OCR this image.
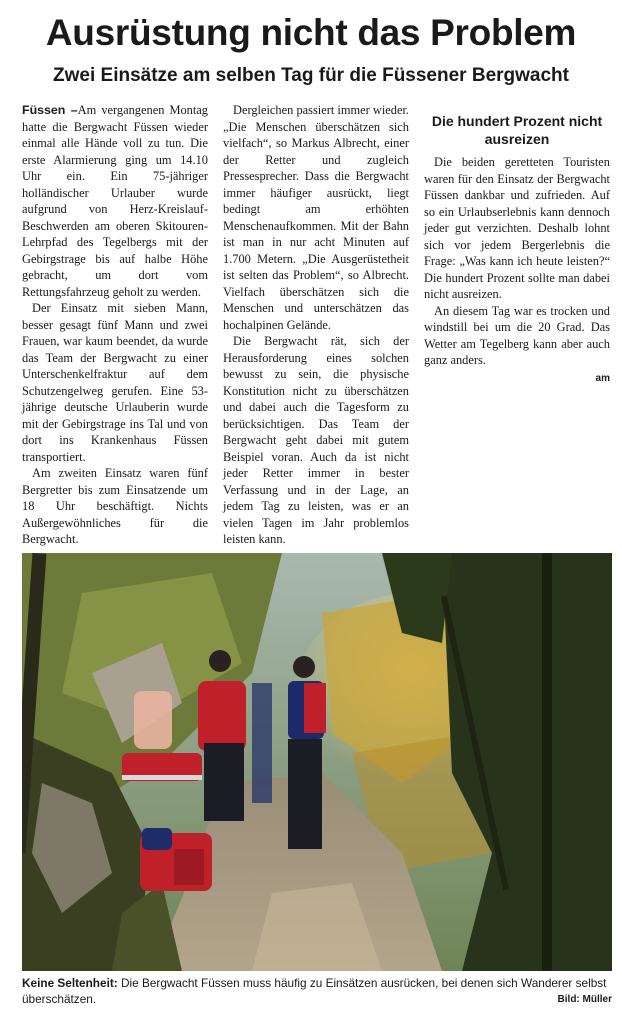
Ausrüstung nicht das Problem
Zwei Einsätze am selben Tag für die Füssener Bergwacht

Füssen –Am vergangenen Montag hatte die Bergwacht Füssen wieder einmal alle Hände voll zu tun. Die erste Alarmierung ging um 14.10 Uhr ein. Ein 75-jähriger holländischer Urlauber wurde aufgrund von Herz-Kreislauf-Beschwerden am oberen Skitouren-Lehrpfad des Tegelbergs mit der Gebirgstrage bis auf halbe Höhe gebracht, um dort vom Rettungsfahrzeug geholt zu werden.

Der Einsatz mit sieben Mann, besser gesagt fünf Mann und zwei Frauen, war kaum beendet, da wurde das Team der Bergwacht zu einer Unterschenkelfraktur auf dem Schutzengelweg gerufen. Eine 53-jährige deutsche Urlauberin wurde mit der Gebirgstrage ins Tal und von dort ins Krankenhaus Füssen transportiert.

Am zweiten Einsatz waren fünf Bergretter bis zum Einsatzende um 18 Uhr beschäftigt. Nichts Außergewöhnliches für die Bergwacht.

Dergleichen passiert immer wieder. „Die Menschen überschätzen sich vielfach“, so Markus Albrecht, einer der Retter und zugleich Pressesprecher. Dass die Bergwacht immer häufiger ausrückt, liegt bedingt am erhöhten Menschenaufkommen. Mit der Bahn ist man in nur acht Minuten auf 1.700 Metern. „Die Ausgerüstetheit ist selten das Problem“, so Albrecht. Vielfach überschätzen sich die Menschen und unterschätzen das hochalpinen Gelände.

Die Bergwacht rät, sich der Herausforderung eines solchen bewusst zu sein, die physische Konstitution nicht zu überschätzen und dabei auch die Tagesform zu berücksichtigen. Das Team der Bergwacht geht dabei mit gutem Beispiel voran. Auch da ist nicht jeder Retter immer in bester Verfassung und in der Lage, an jedem Tag zu leisten, was er an vielen Tagen im Jahr problemlos leisten kann.

Die hundert Prozent nicht ausreizen

Die beiden geretteten Touristen waren für den Einsatz der Bergwacht Füssen dankbar und zufrieden. Auf so ein Urlaubserlebnis kann dennoch jeder gut verzichten. Deshalb lohnt sich vor jedem Bergerlebnis die Frage: „Was kann ich heute leisten?“ Die hundert Prozent sollte man dabei nicht ausreizen.

An diesem Tag war es trocken und windstill bei um die 20 Grad. Das Wetter am Tegelberg kann aber auch ganz anders.

am
Keine Seltenheit: Die Bergwacht Füssen muss häufig zu Einsätzen ausrücken, bei denen sich Wanderer selbst überschätzen.	Bild: Müller
